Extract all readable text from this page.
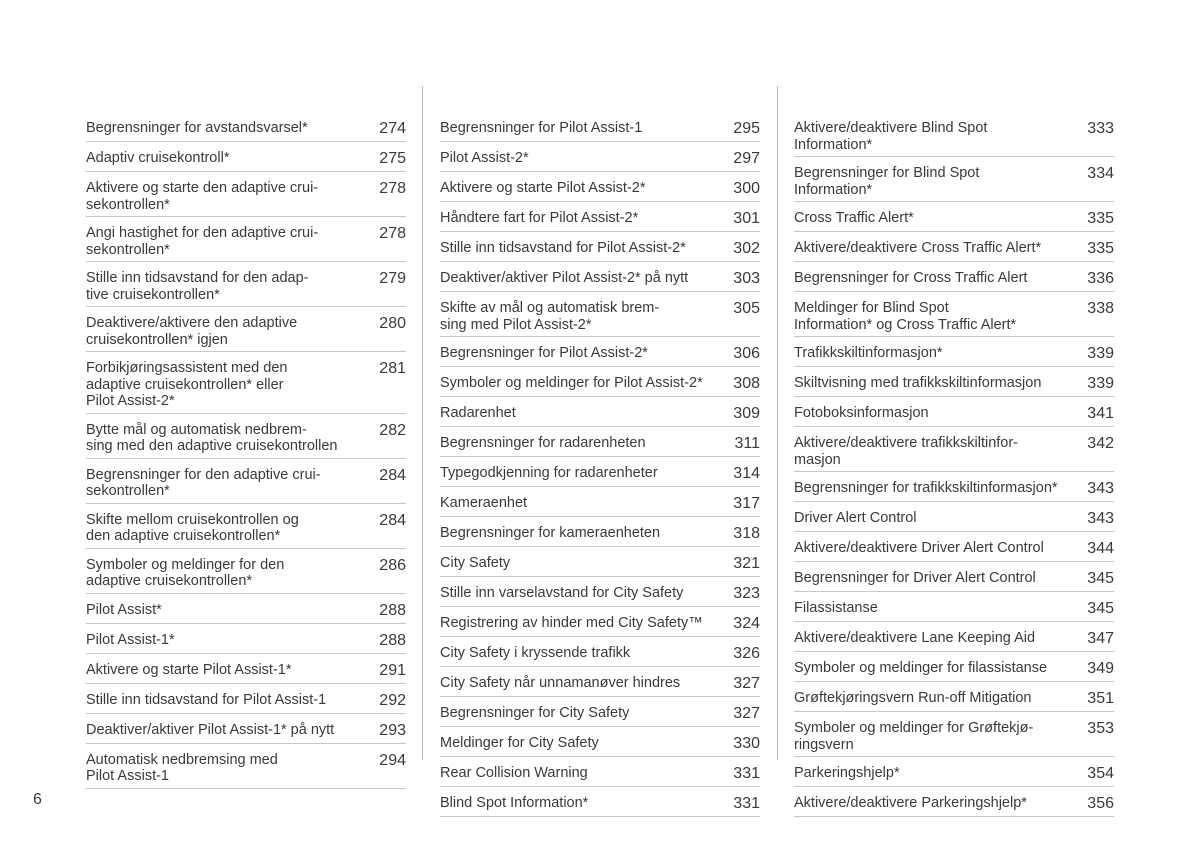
Begrensninger for avstandsvarsel*	274
Adaptiv cruisekontroll*	275
Aktivere og starte den adaptive crui-
sekontrollen*
278
Angi hastighet for den adaptive crui-
sekontrollen*
278
Stille inn tidsavstand for den adap-
tive cruisekontrollen*
279
Deaktivere/aktivere den adaptive
cruisekontrollen* igjen
280
Forbikjøringsassistent med den
adaptive cruisekontrollen* eller
Pilot Assist-2*
281
Bytte mål og automatisk nedbrem-
sing med den adaptive cruisekontrollen
282
Begrensninger for den adaptive crui-
sekontrollen*
284
Skifte mellom cruisekontrollen og
den adaptive cruisekontrollen*
284
Symboler og meldinger for den
adaptive cruisekontrollen*
286
Pilot Assist*	288
Pilot Assist-1*	288
Aktivere og starte Pilot Assist-1*	291
Stille inn tidsavstand for Pilot Assist-1	292
Deaktiver/aktiver Pilot Assist-1* på nytt	293
Automatisk nedbremsing med
Pilot Assist-1
294
Begrensninger for Pilot Assist-1	295
Pilot Assist-2*	297
Aktivere og starte Pilot Assist-2*	300
Håndtere fart for Pilot Assist-2*	301
Stille inn tidsavstand for Pilot Assist-2*	302
Deaktiver/aktiver Pilot Assist-2* på nytt	303
Skifte av mål og automatisk brem-
sing med Pilot Assist-2*
305
Begrensninger for Pilot Assist-2*	306
Symboler og meldinger for Pilot Assist-2*	308
Radarenhet	309
Begrensninger for radarenheten	311
Typegodkjenning for radarenheter	314
Kameraenhet	317
Begrensninger for kameraenheten	318
City Safety	321
Stille inn varselavstand for City Safety	323
Registrering av hinder med City Safety™	324
City Safety i kryssende trafikk	326
City Safety når unnamanøver hindres	327
Begrensninger for City Safety	327
Meldinger for City Safety	330
Rear Collision Warning	331
Blind Spot Information*	331
Aktivere/deaktivere Blind Spot
Information*
333
Begrensninger for Blind Spot
Information*
334
Cross Traffic Alert*	335
Aktivere/deaktivere Cross Traffic Alert*	335
Begrensninger for Cross Traffic Alert	336
Meldinger for Blind Spot
Information* og Cross Traffic Alert*
338
Trafikkskiltinformasjon*	339
Skiltvisning med trafikkskiltinformasjon	339
Fotoboksinformasjon	341
Aktivere/deaktivere trafikkskiltinfor-
masjon
342
Begrensninger for trafikkskiltinformasjon*	343
Driver Alert Control	343
Aktivere/deaktivere Driver Alert Control	344
Begrensninger for Driver Alert Control	345
Filassistanse	345
Aktivere/deaktivere Lane Keeping Aid	347
Symboler og meldinger for filassistanse	349
Grøftekjøringsvern Run-off Mitigation	351
Symboler og meldinger for Grøftekjø-
ringsvern
353
Parkeringshjelp*	354
Aktivere/deaktivere Parkeringshjelp*	356
6
